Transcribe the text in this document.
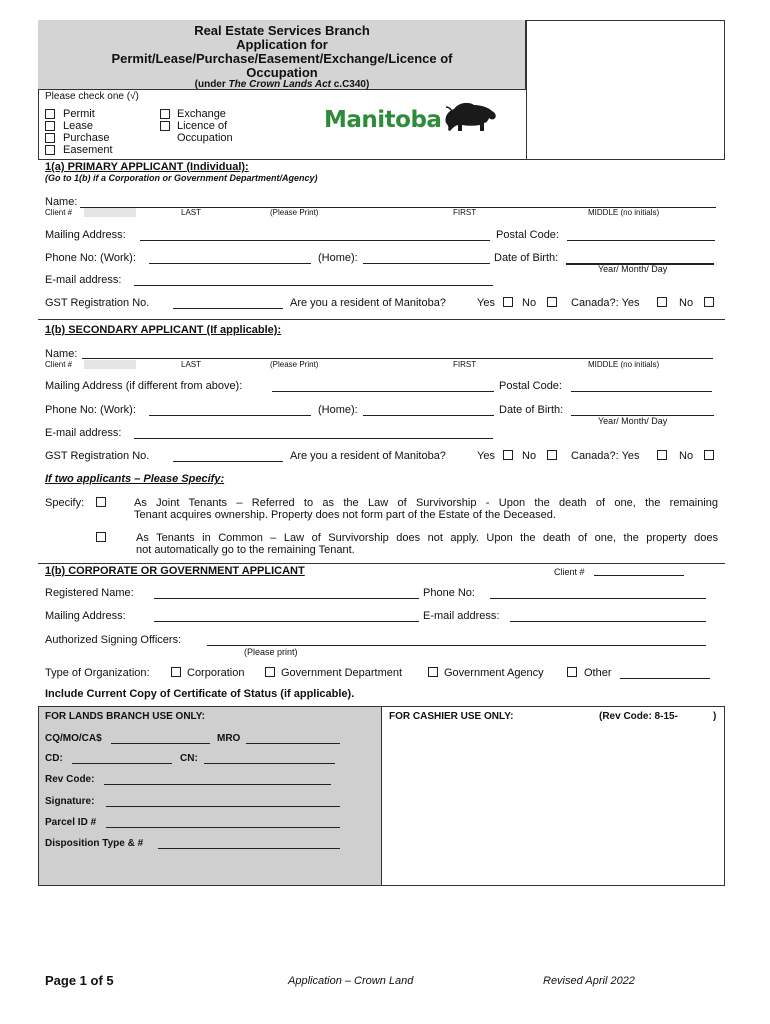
Real Estate Services Branch
Application for
Permit/Lease/Purchase/Easement/Exchange/Licence of
Occupation
(under The Crown Lands Act c.C340)
Please check one (√)
Permit
Lease
Purchase
Easement
Exchange
Licence of
Occupation
Manitoba
1(a) PRIMARY APPLICANT (Individual):
(Go to 1(b) if a Corporation or Government Department/Agency)
Name:
Client #	LAST	(Please Print)	FIRST	MIDDLE (no initials)
Mailing Address:	Postal Code:
Phone No: (Work):	(Home):	Date of Birth:
Year/ Month/ Day
E-mail address:
GST Registration No.	Are you a resident of Manitoba?	Yes No	Canada?: Yes	No
1(b) SECONDARY APPLICANT (If applicable):
Name:
Client #	LAST	(Please Print)	FIRST	MIDDLE (no initials)
Mailing Address (if different from above):	Postal Code:
Phone No: (Work):	(Home):	Date of Birth:
Year/ Month/ Day
E-mail address:
GST Registration No.	Are you a resident of Manitoba?	Yes No	Canada?: Yes	No
If two applicants – Please Specify:
Specify:	As Joint Tenants – Referred to as the Law of Survivorship - Upon the death of one, the remaining
Tenant acquires ownership. Property does not form part of the Estate of the Deceased.
As Tenants in Common – Law of Survivorship does not apply. Upon the death of one, the property does
not automatically go to the remaining Tenant.
1(b) CORPORATE OR GOVERNMENT APPLICANT	Client #
Registered Name:	Phone No:
Mailing Address:	E-mail address:
Authorized Signing Officers:
(Please print)
Type of Organization:	Corporation	Government Department	Government Agency	Other
Include Current Copy of Certificate of Status (if applicable).
FOR LANDS BRANCH USE ONLY:	FOR CASHIER USE ONLY:	(Rev Code: 8-15-	)
CQ/MO/CA$	MRO
CD:	CN:
Rev Code:
Signature:
Parcel ID #
Disposition Type & #
Page 1 of 5	Application – Crown Land	Revised April 2022
